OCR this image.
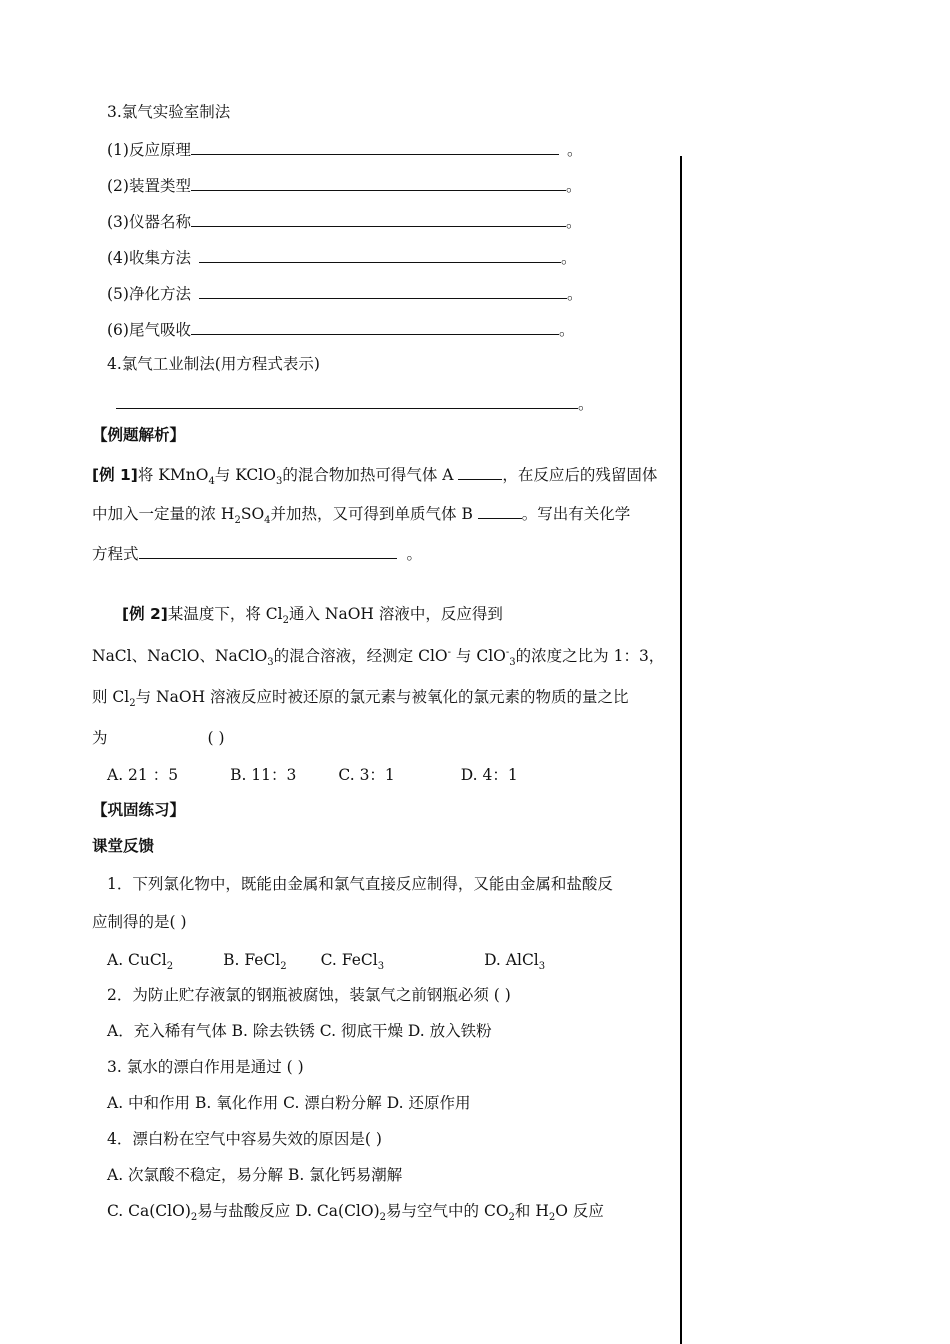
3.氯气实验室制法
(1)反应原理	。
(2)装置类型	。
(3)仪器名称	。
(4)收集方法	。
(5)净化方法	。
(6)尾气吸收	。
4.氯气工业制法(用方程式表示)
。
【例题解析】
[例 1]将 KMnO$_4$与 KClO$_3$的混合物加热可得气体 A	，在反应后的残留固体
中加入一定量的浓 $H_2SO_4$并加热，又可得到单质气体 B	。写出有关化学
方程式	。
[例 2]某温度下，将 $Cl_2$通入 NaOH 溶液中，反应得到
NaCl、NaClO、NaClO$_3$的混合溶液，经测定 ClO- 与 ClO-$_3$的浓度之比为 1：3，
则 $Cl_2$与 NaOH 溶液反应时被还原的氯元素与被氧化的氯元素的物质的量之比
为	( )
A. 21 ：5	B. 11：3	C. 3：1	D. 4：1
【巩固练习】
课堂反馈
1．下列氯化物中，既能由金属和氯气直接反应制得，又能由金属和盐酸反
应制得的是( )
A. CuCl$_2$	B. FeCl$_2$ C. FeCl$_3$	D. AlCl$_3$
2．为防止贮存液氯的钢瓶被腐蚀，装氯气之前钢瓶必须 ( )
A．充入稀有气体 B. 除去铁锈 C. 彻底干燥 D. 放入铁粉
3. 氯水的漂白作用是通过 ( )
A. 中和作用 B. 氧化作用 C. 漂白粉分解 D. 还原作用
4．漂白粉在空气中容易失效的原因是( )
A. 次氯酸不稳定，易分解 B. 氯化钙易潮解
C. $Ca(ClO)_2$易与盐酸反应 D. $Ca(ClO)_2$易与空气中的 $CO_2$和 $H_2O$ 反应
